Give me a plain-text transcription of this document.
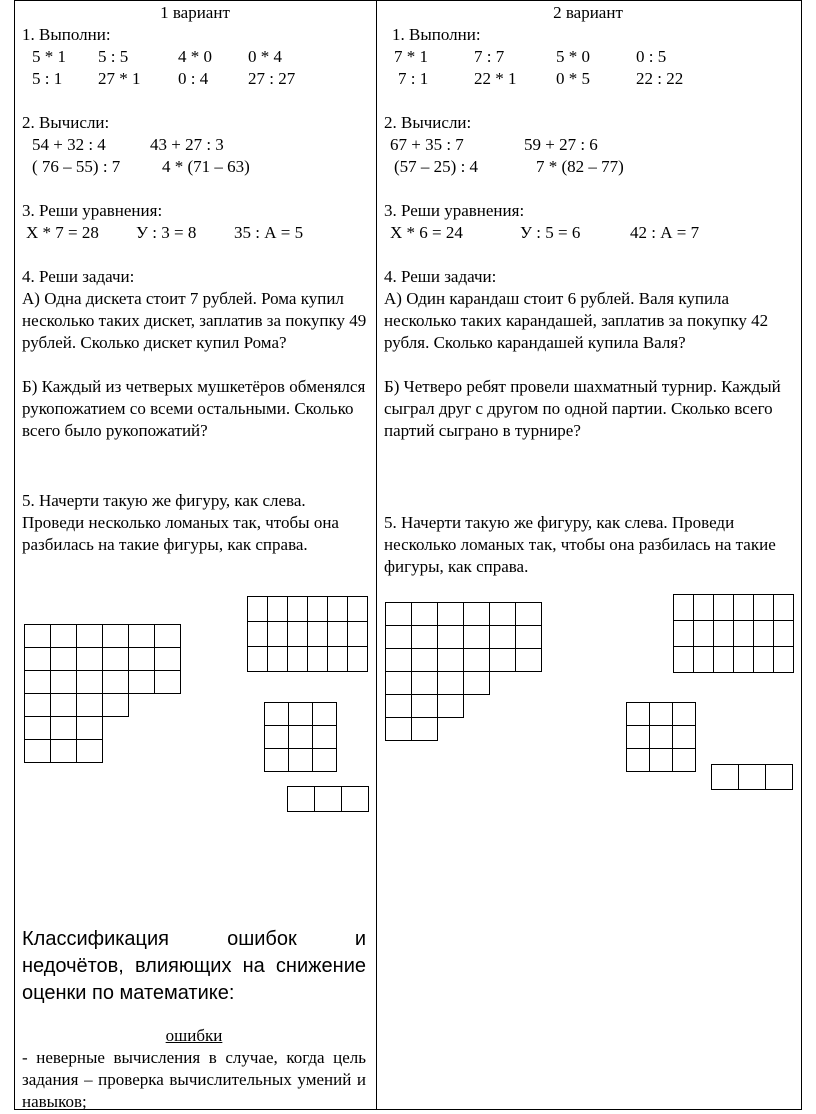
1 вариант
1. Выполни:
5 * 1	5 : 5	4 * 0	0 * 4
5 : 1	27 * 1	0 : 4	27 : 27
2. Вычисли:
54 + 32 : 4	43 + 27 : 3
( 76 – 55) : 7	4 * (71 – 63)
3. Реши уравнения:
Х * 7 = 28	У : 3 = 8	35 : А = 5
4. Реши задачи:
А) Одна дискета стоит 7 рублей. Рома купил несколько таких дискет, заплатив за покупку 49 рублей. Сколько дискет купил Рома?
Б) Каждый из четверых мушкетёров обменялся рукопожатием со всеми остальными. Сколько всего было рукопожатий?
5. Начерти такую же фигуру, как слева. Проведи несколько ломаных так, чтобы она разбилась на такие фигуры, как справа.
2 вариант
1. Выполни:
7 * 1	7 : 7	5 * 0	0 : 5
7 : 1	22 * 1	0 * 5	22 : 22
2. Вычисли:
67 + 35 : 7	59 + 27 : 6
(57 – 25) : 4	7 * (82 – 77)
3. Реши уравнения:
Х * 6 = 24	У : 5 = 6	42 : А = 7
4. Реши задачи:
А) Один карандаш стоит 6 рублей. Валя купила несколько таких карандашей, заплатив за покупку 42 рубля. Сколько карандашей купила Валя?
Б) Четверо ребят провели шахматный турнир. Каждый сыграл друг с другом по одной партии. Сколько всего партий сыграно в турнире?
5. Начерти такую же фигуру, как слева. Проведи несколько ломаных так, чтобы она разбилась на такие фигуры, как справа.
Классификация ошибок и недочётов, влияющих на снижение оценки по математике:
ошибки
- неверные вычисления в случае, когда цель задания – проверка вычислительных умений и навыков;
